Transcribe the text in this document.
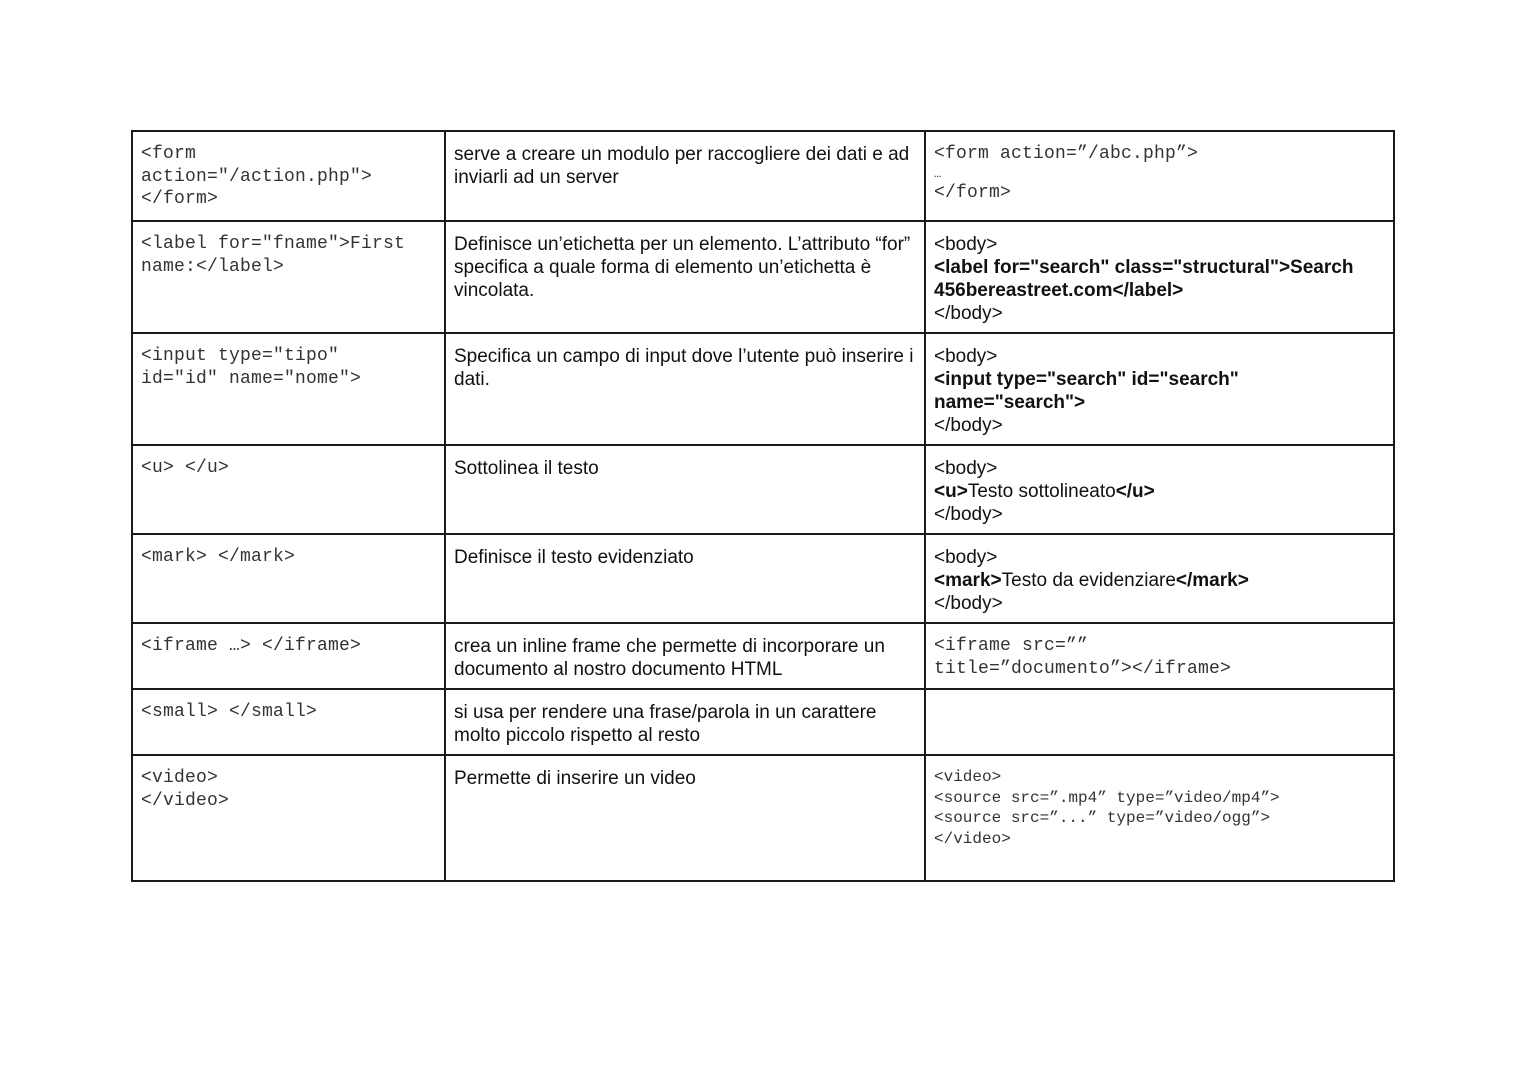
<form
action="/action.php">
</form>	serve a creare un modulo per raccogliere dei dati e ad inviarli ad un server	<form action=”/abc.php”>
…
</form>

<label for="fname">First
name:</label>	Definisce un’etichetta per un elemento. L’attributo “for” specifica a quale forma di elemento un’etichetta è vincolata.	<body>
<label for="search" class="structural">Search 456bereastreet.com</label>
</body>

<input type="tipo"
id="id" name="nome">	Specifica un campo di input dove l’utente può inserire i dati.	<body>
<input type="search" id="search" name="search">
</body>

<u> </u>	Sottolinea il testo	<body>
<u>Testo sottolineato</u>
</body>

<mark> </mark>	Definisce il testo evidenziato	<body>
<mark>Testo da evidenziare</mark>
</body>

<iframe …> </iframe>	crea un inline frame che permette di incorporare un documento al nostro documento HTML	<iframe src=””
title=”documento”></iframe>

<small> </small>	si usa per rendere una frase/parola in un carattere molto piccolo rispetto al resto	

<video>
</video>	Permette di inserire un video	<video>
<source src=”.mp4” type=”video/mp4”>
<source src=”...” type=”video/ogg”>
</video>
